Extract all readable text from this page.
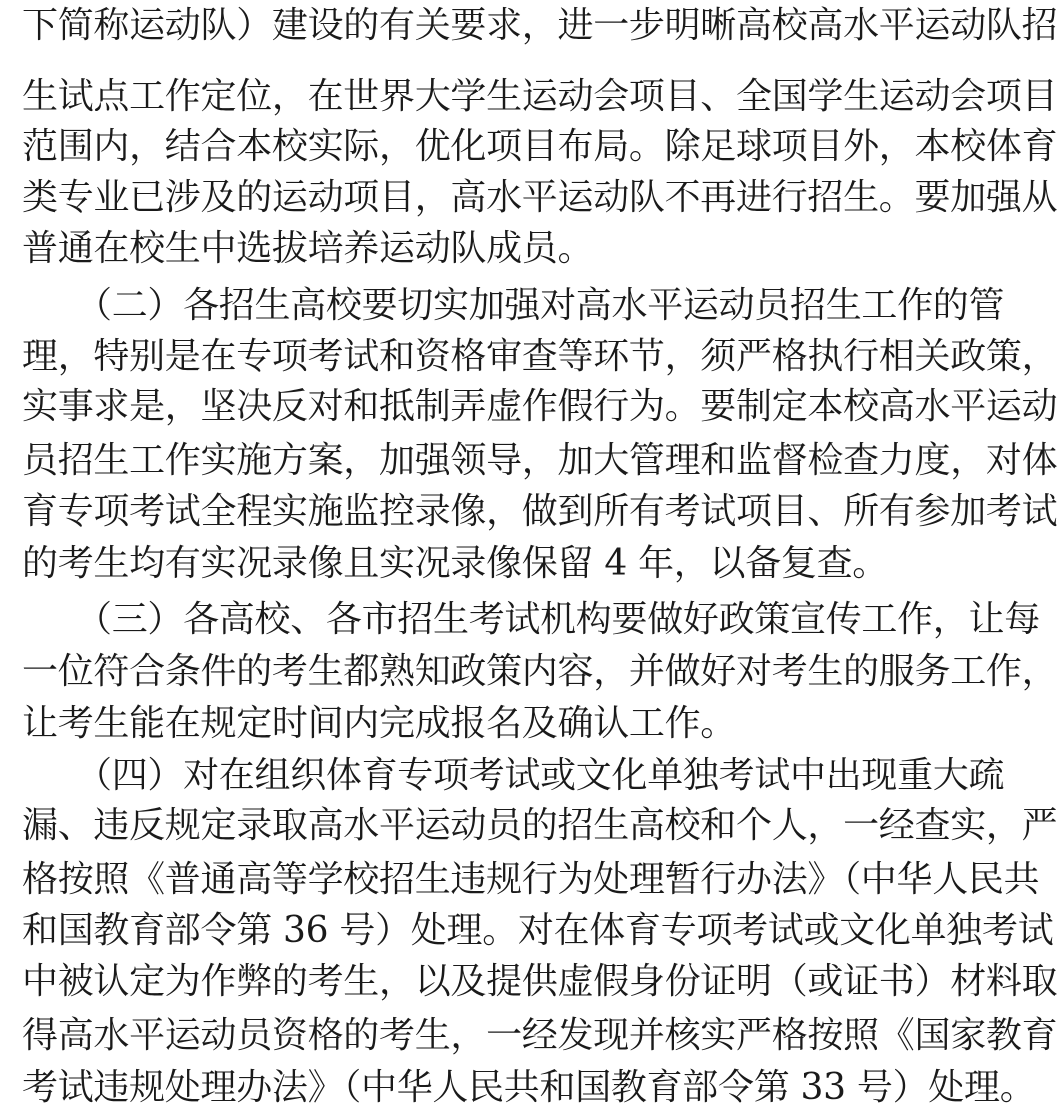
下简称运动队）建设的有关要求，进一步明晰高校高水平运动队招
生试点工作定位，在世界大学生运动会项目、全国学生运动会项目
范围内，结合本校实际，优化项目布局。除足球项目外，本校体育
类专业已涉及的运动项目，高水平运动队不再进行招生。要加强从
普通在校生中选拔培养运动队成员。
（二）各招生高校要切实加强对高水平运动员招生工作的管
理，特别是在专项考试和资格审查等环节，须严格执行相关政策，
实事求是，坚决反对和抵制弄虚作假行为。要制定本校高水平运动
员招生工作实施方案，加强领导，加大管理和监督检查力度，对体
育专项考试全程实施监控录像，做到所有考试项目、所有参加考试
的考生均有实况录像且实况录像保留 4 年，以备复查。
（三）各高校、各市招生考试机构要做好政策宣传工作，让每
一位符合条件的考生都熟知政策内容，并做好对考生的服务工作，
让考生能在规定时间内完成报名及确认工作。
（四）对在组织体育专项考试或文化单独考试中出现重大疏
漏、违反规定录取高水平运动员的招生高校和个人，一经查实，严
格按照《普通高等学校招生违规行为处理暂行办法》（中华人民共
和国教育部令第 36 号）处理。对在体育专项考试或文化单独考试
中被认定为作弊的考生，以及提供虚假身份证明（或证书）材料取
得高水平运动员资格的考生，一经发现并核实严格按照《国家教育
考试违规处理办法》（中华人民共和国教育部令第 33 号）处理。
